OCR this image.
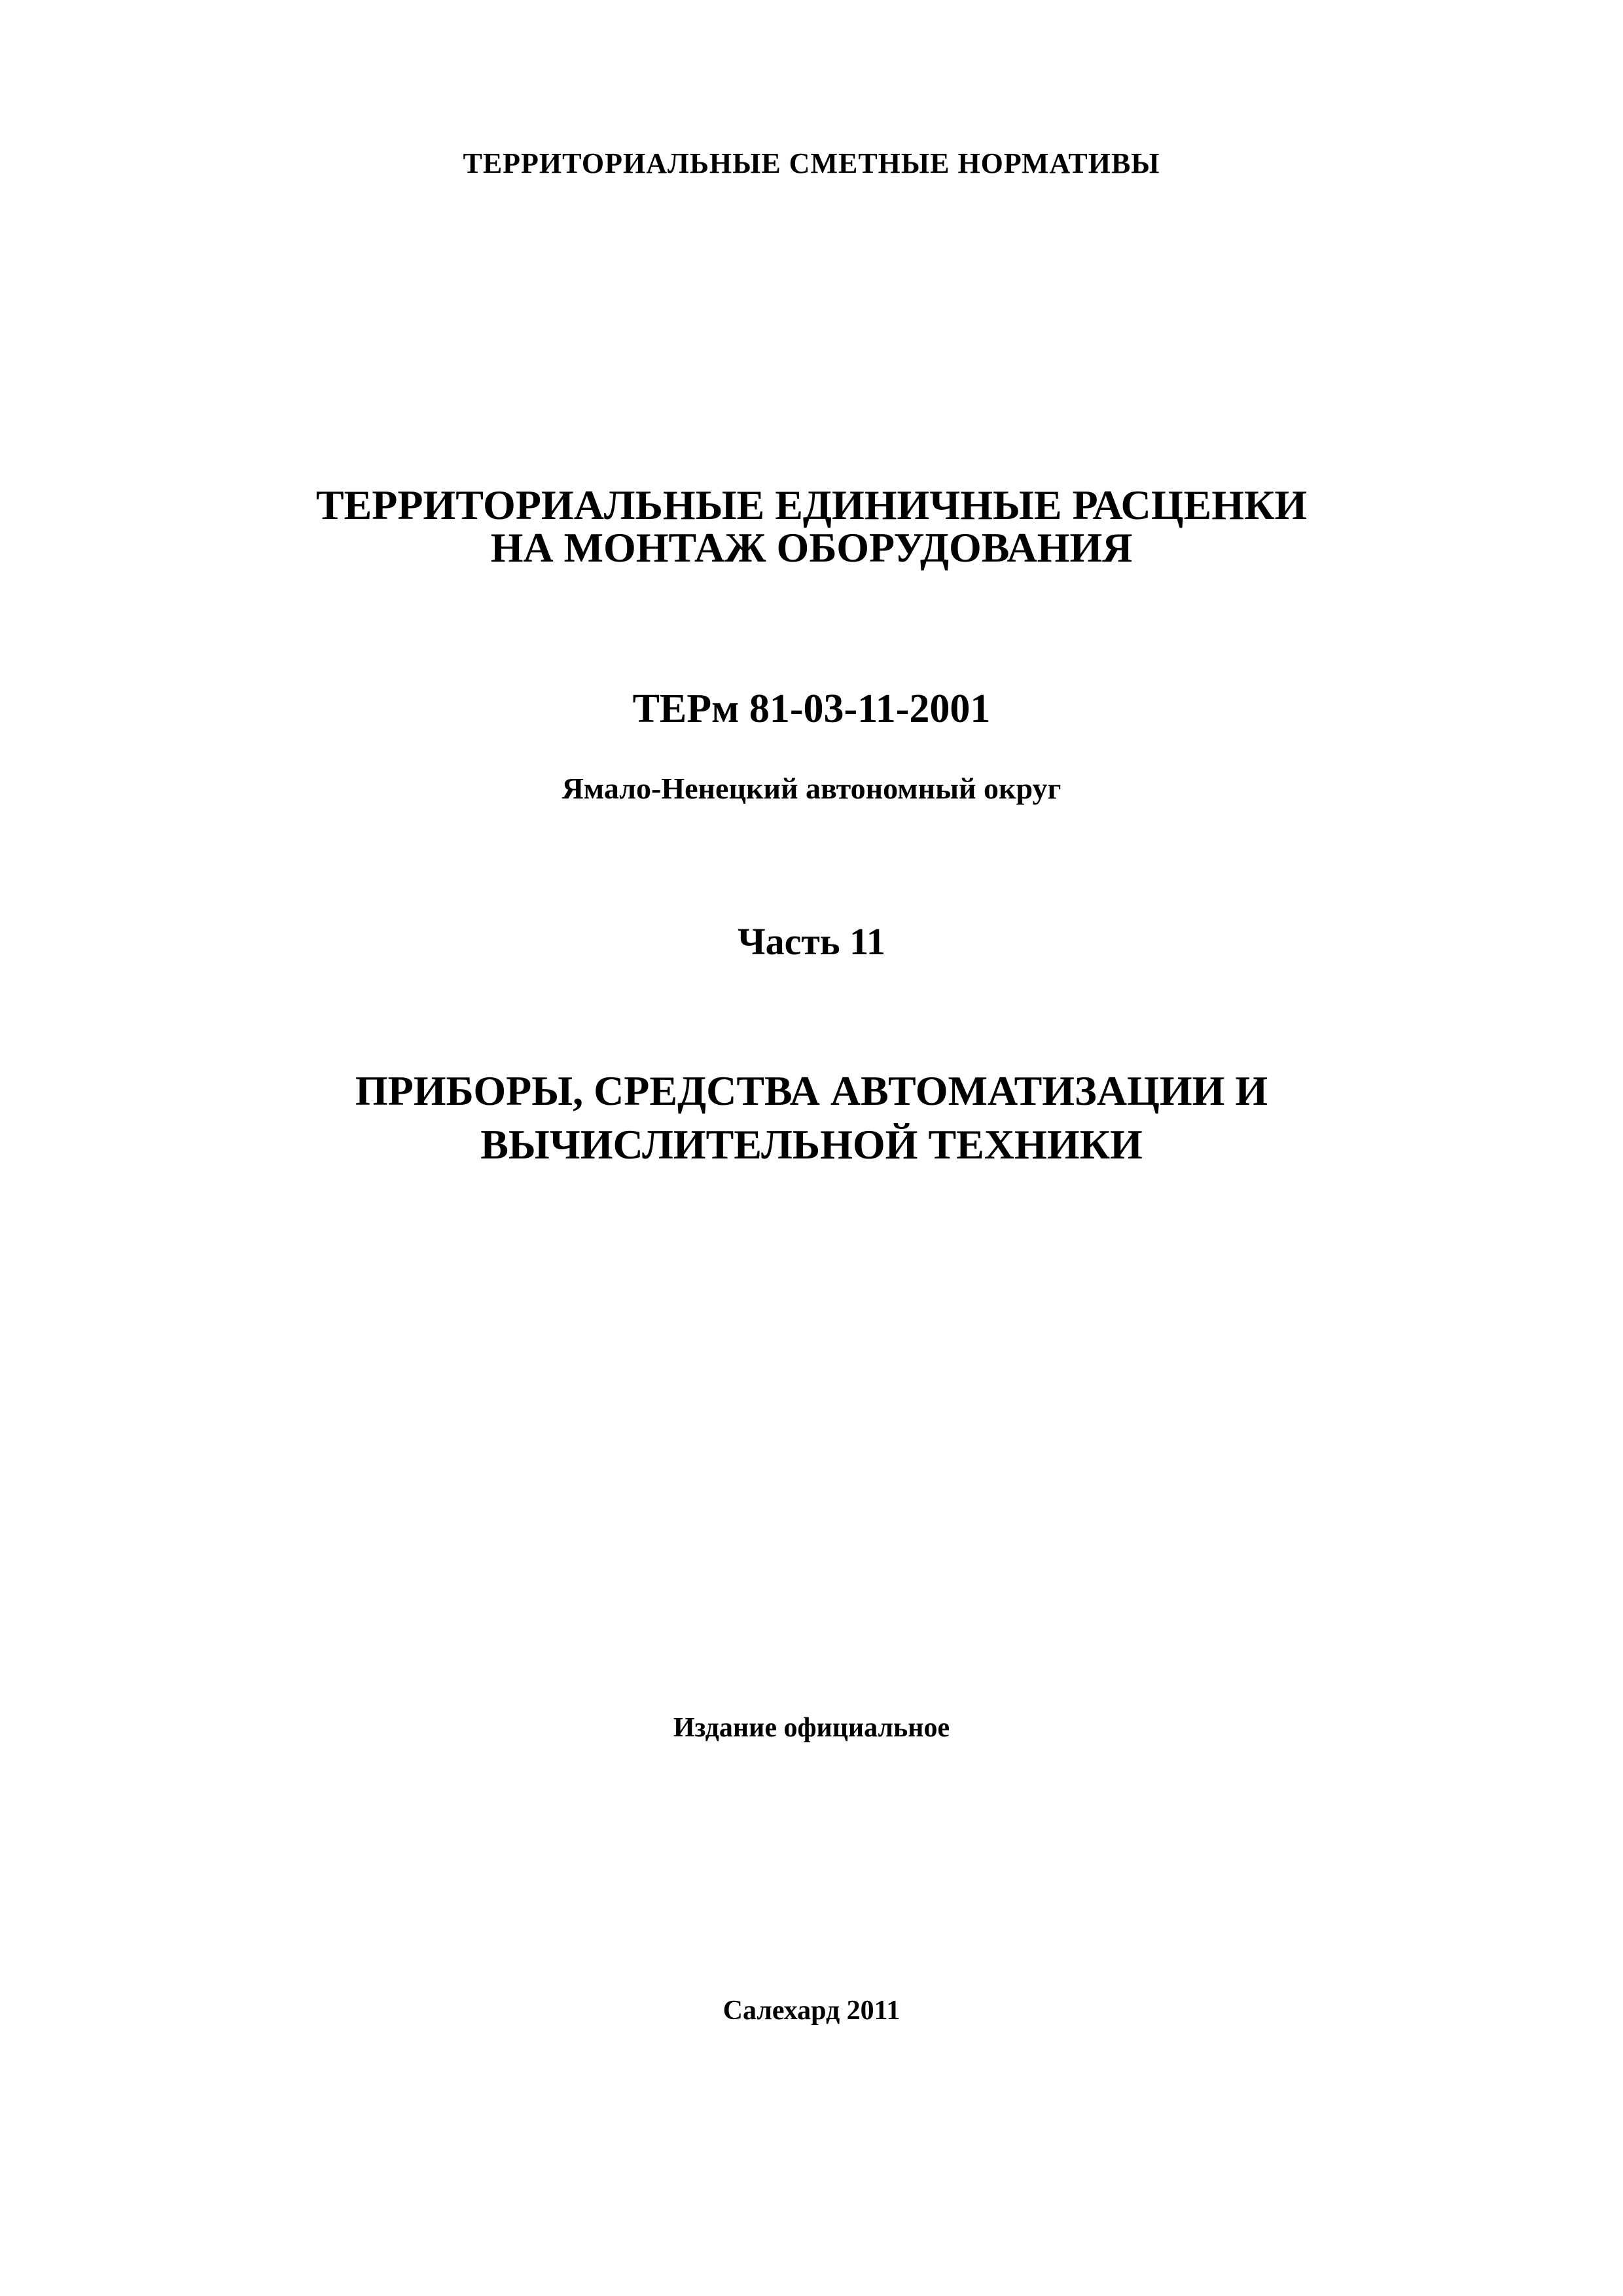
ТЕРРИТОРИАЛЬНЫЕ СМЕТНЫЕ НОРМАТИВЫ

ТЕРРИТОРИАЛЬНЫЕ ЕДИНИЧНЫЕ РАСЦЕНКИ

НА МОНТАЖ ОБОРУДОВАНИЯ

ТЕРм 81-03-11-2001

Ямало-Ненецкий автономный округ

Часть 11

ПРИБОРЫ, СРЕДСТВА АВТОМАТИЗАЦИИ И

ВЫЧИСЛИТЕЛЬНОЙ ТЕХНИКИ

Издание официальное

Салехард 2011
